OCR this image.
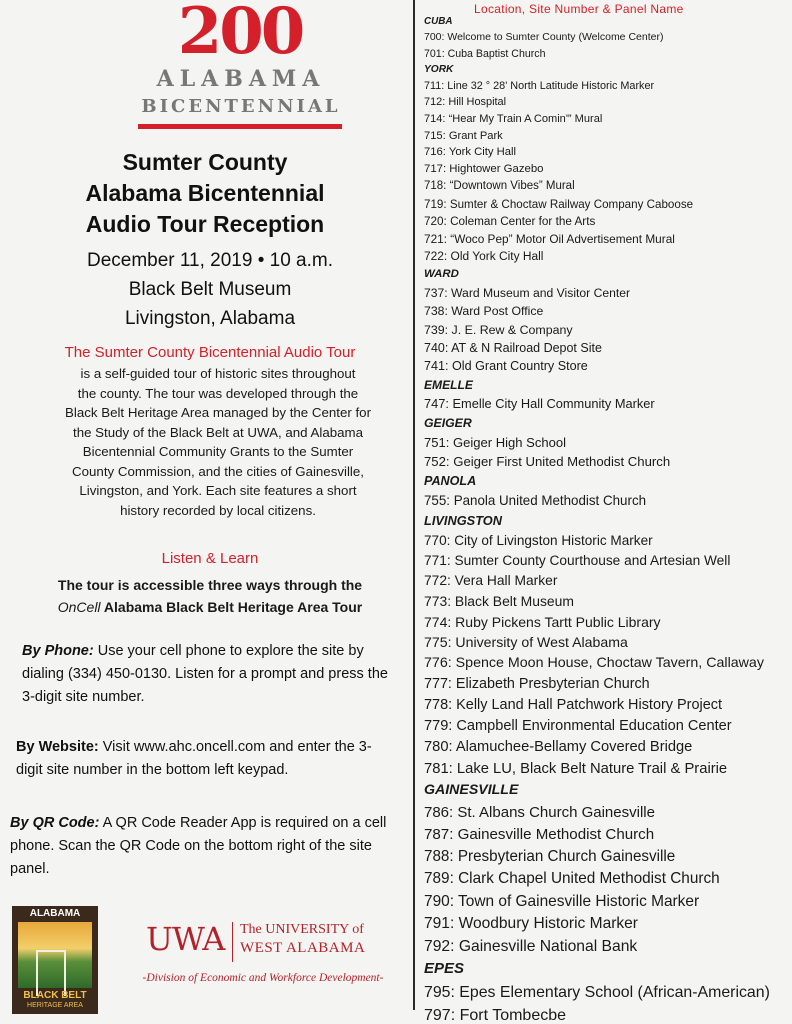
200
ALABAMA
BICENTENNIAL
Sumter County
Alabama Bicentennial
Audio Tour Reception
December 11, 2019 • 10 a.m.
Black Belt Museum
Livingston, Alabama
The Sumter County Bicentennial Audio Tour
is a self-guided tour of historic sites throughout
the county. The tour was developed through the
Black Belt Heritage Area managed by the Center for
the Study of the Black Belt at UWA, and Alabama
Bicentennial Community Grants to the Sumter
County Commission, and the cities of Gainesville,
Livingston, and York. Each site features a short
history recorded by local citizens.
Listen & Learn
The tour is accessible three ways through the
OnCell Alabama Black Belt Heritage Area Tour
By Phone: Use your cell phone to explore the site by dialing (334) 450-0130. Listen for a prompt and press the 3-digit site number.
By Website: Visit www.ahc.oncell.com and enter the 3-digit site number in the bottom left keypad.
By QR Code: A QR Code Reader App is required on a cell phone. Scan the QR Code on the bottom right of the site panel.
ALABAMA
BLACK BELT
HERITAGE AREA
UWA The UNIVERSITY of
WEST ALABAMA
-Division of Economic and Workforce Development-
Location, Site Number & Panel Name
CUBA
700: Welcome to Sumter County (Welcome Center)
701: Cuba Baptist Church
YORK
711: Line 32 ° 28' North Latitude Historic Marker
712: Hill Hospital
714: “Hear My Train A Comin'” Mural
715: Grant Park
716: York City Hall
717: Hightower Gazebo
718: “Downtown Vibes” Mural
719: Sumter & Choctaw Railway Company Caboose
720: Coleman Center for the Arts
721: “Woco Pep” Motor Oil Advertisement Mural
722: Old York City Hall
WARD
737: Ward Museum and Visitor Center
738: Ward Post Office
739: J. E. Rew & Company
740: AT & N Railroad Depot Site
741: Old Grant Country Store
EMELLE
747: Emelle City Hall Community Marker
GEIGER
751: Geiger High School
752: Geiger First United Methodist Church
PANOLA
755: Panola United Methodist Church
LIVINGSTON
770: City of Livingston Historic Marker
771: Sumter County Courthouse and Artesian Well
772: Vera Hall Marker
773: Black Belt Museum
774: Ruby Pickens Tartt Public Library
775: University of West Alabama
776: Spence Moon House, Choctaw Tavern, Callaway
777: Elizabeth Presbyterian Church
778: Kelly Land Hall Patchwork History Project
779: Campbell Environmental Education Center
780: Alamuchee-Bellamy Covered Bridge
781: Lake LU, Black Belt Nature Trail & Prairie
GAINESVILLE
786: St. Albans Church Gainesville
787: Gainesville Methodist Church
788: Presbyterian Church Gainesville
789: Clark Chapel United Methodist Church
790: Town of Gainesville Historic Marker
791: Woodbury Historic Marker
792: Gainesville National Bank
EPES
795: Epes Elementary School (African-American)
797: Fort Tombecbe
